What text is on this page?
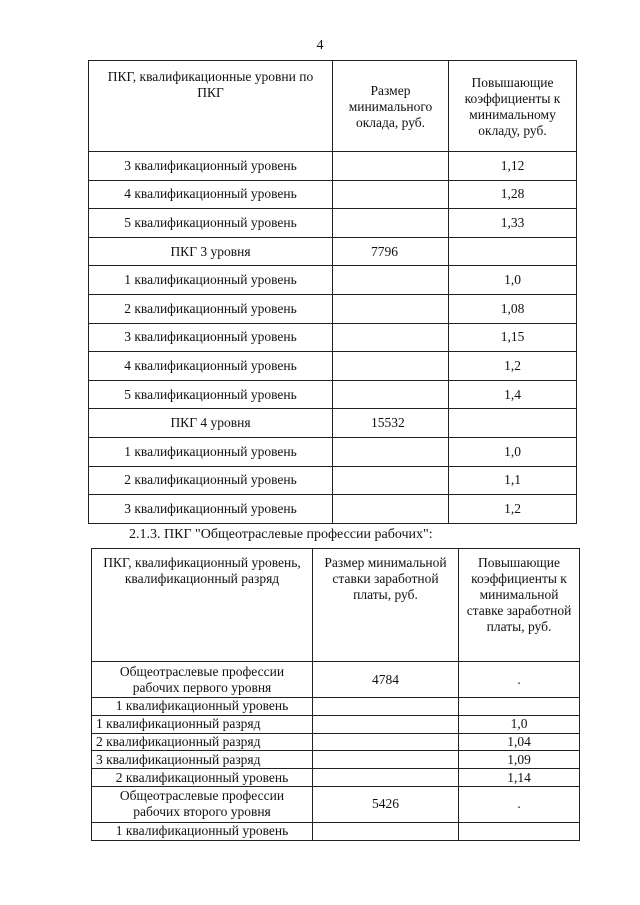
4
ПКГ, квалификационные уровни по ПКГ	Размер минимального оклада, руб.	Повышающие коэффициенты к минимальному окладу, руб.
3 квалификационный уровень		1,12
4 квалификационный уровень		1,28
5 квалификационный уровень		1,33
ПКГ 3 уровня	7796	
1 квалификационный уровень		1,0
2 квалификационный уровень		1,08
3 квалификационный уровень		1,15
4 квалификационный уровень		1,2
5 квалификационный уровень		1,4
ПКГ 4 уровня	15532	
1 квалификационный уровень		1,0
2 квалификационный уровень		1,1
3 квалификационный уровень		1,2
2.1.3. ПКГ "Общеотраслевые профессии рабочих":
ПКГ, квалификационный уровень, квалификационный разряд	Размер минимальной ставки заработной платы, руб.	Повышающие коэффициенты к минимальной ставке заработной платы, руб.
Общеотраслевые профессии рабочих первого уровня	4784	.
1 квалификационный уровень		
1 квалификационный разряд		1,0
2 квалификационный разряд		1,04
3 квалификационный разряд		1,09
2 квалификационный уровень		1,14
Общеотраслевые профессии рабочих второго уровня	5426	.
1 квалификационный уровень		
